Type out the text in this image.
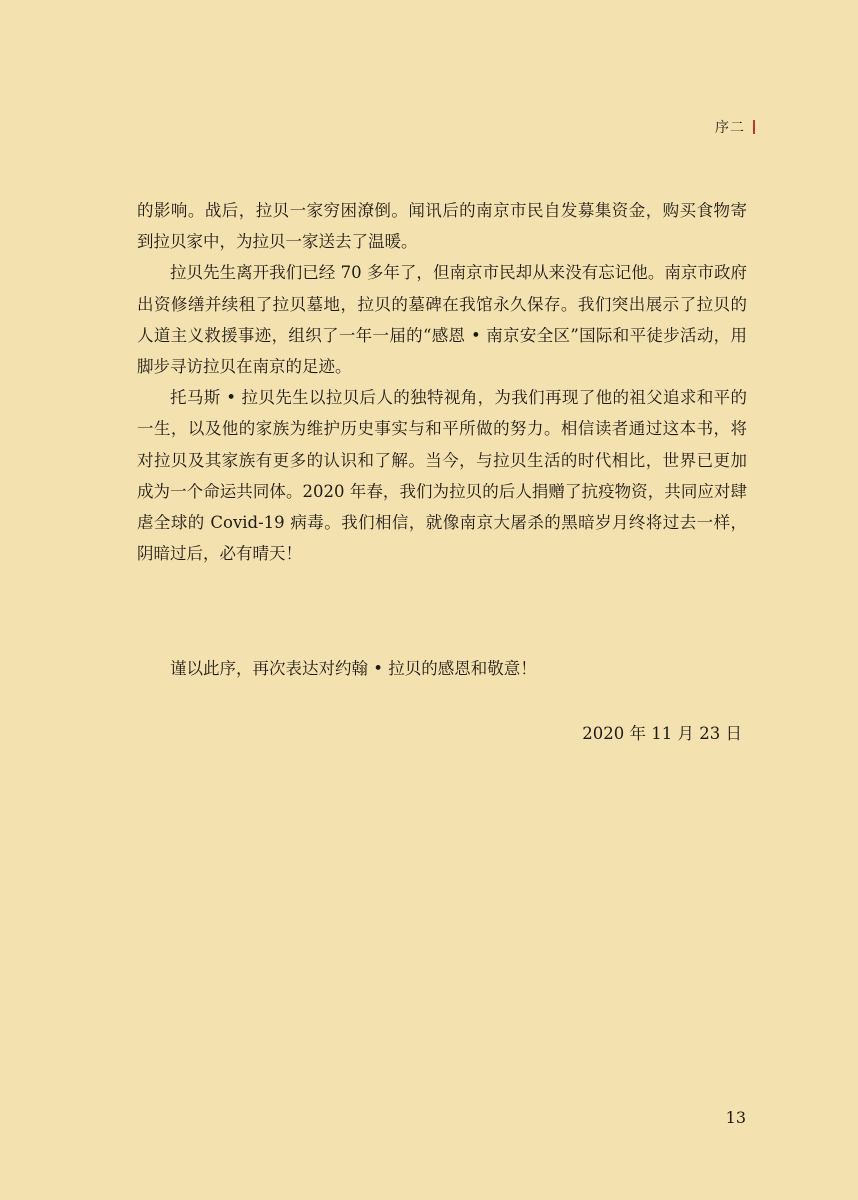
序二

的影响。战后，拉贝一家穷困潦倒。闻讯后的南京市民自发募集资金，购买食物寄到拉贝家中，为拉贝一家送去了温暖。

拉贝先生离开我们已经 70 多年了，但南京市民却从来没有忘记他。南京市政府出资修缮并续租了拉贝墓地，拉贝的墓碑在我馆永久保存。我们突出展示了拉贝的人道主义救援事迹，组织了一年一届的“感恩 • 南京安全区”国际和平徒步活动，用脚步寻访拉贝在南京的足迹。

托马斯 • 拉贝先生以拉贝后人的独特视角，为我们再现了他的祖父追求和平的一生，以及他的家族为维护历史事实与和平所做的努力。相信读者通过这本书，将对拉贝及其家族有更多的认识和了解。当今，与拉贝生活的时代相比，世界已更加成为一个命运共同体。2020 年春，我们为拉贝的后人捐赠了抗疫物资，共同应对肆虐全球的 Covid-19 病毒。我们相信，就像南京大屠杀的黑暗岁月终将过去一样，阴暗过后，必有晴天！

谨以此序，再次表达对约翰 • 拉贝的感恩和敬意！

2020 年 11 月 23 日
13
